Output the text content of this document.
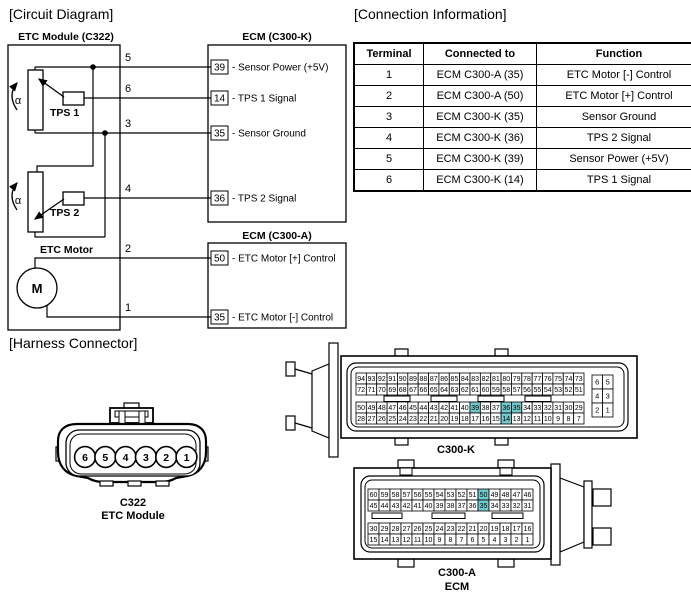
[Circuit Diagram]	[Connection Information]
[Harness Connector]
ETC Module (C322)	ECM (C300-K)
ECM (C300-A)
α
TPS 1
α
TPS 2
M
ETC Motor
5
6
3
4
2
1
39
14
35
36
50
35
- Sensor Power (+5V)
- TPS 1 Signal
- Sensor Ground
- TPS 2 Signal
- ETC Motor [+] Control
- ETC Motor [-] Control
6 5 4 3 2 1
C322
ETC Module
94 93 92 91 90 89 88 87 86 85 84 83 82 81 80 79 78 77 76 75 74 73
72 71 70 69 68 67 66 65 64 63 62 61 60 59 58 57 56 55 54 53 52 51
50 49 48 47 46 45 44 43 42 41 40 39 38 37 36 35 34 33 32 31 30 29
28 27 26 25 24 23 22 21 20 19 18 17 16 15 14 13 12 11 10 9 8 7
6 5
4 3
2 1
C300-K
60 59 58 57 56 55 54 53 52 51 50 49 48 47 46
45 44 43 42 41 40 39 38 37 36 35 34 33 32 31
30 29 28 27 26 25 24 23 22 21 20 19 18 17 16
15 14 13 12 11 10 9 8 7 6 5 4 3 2 1
C300-A
ECM
Terminal	Connected to	Function
1	ECM C300-A (35)	ETC Motor [-] Control
2	ECM C300-A (50)	ETC Motor [+] Control
3	ECM C300-K (35)	Sensor Ground
4	ECM C300-K (36)	TPS 2 Signal
5	ECM C300-K (39)	Sensor Power (+5V)
6	ECM C300-K (14)	TPS 1 Signal
